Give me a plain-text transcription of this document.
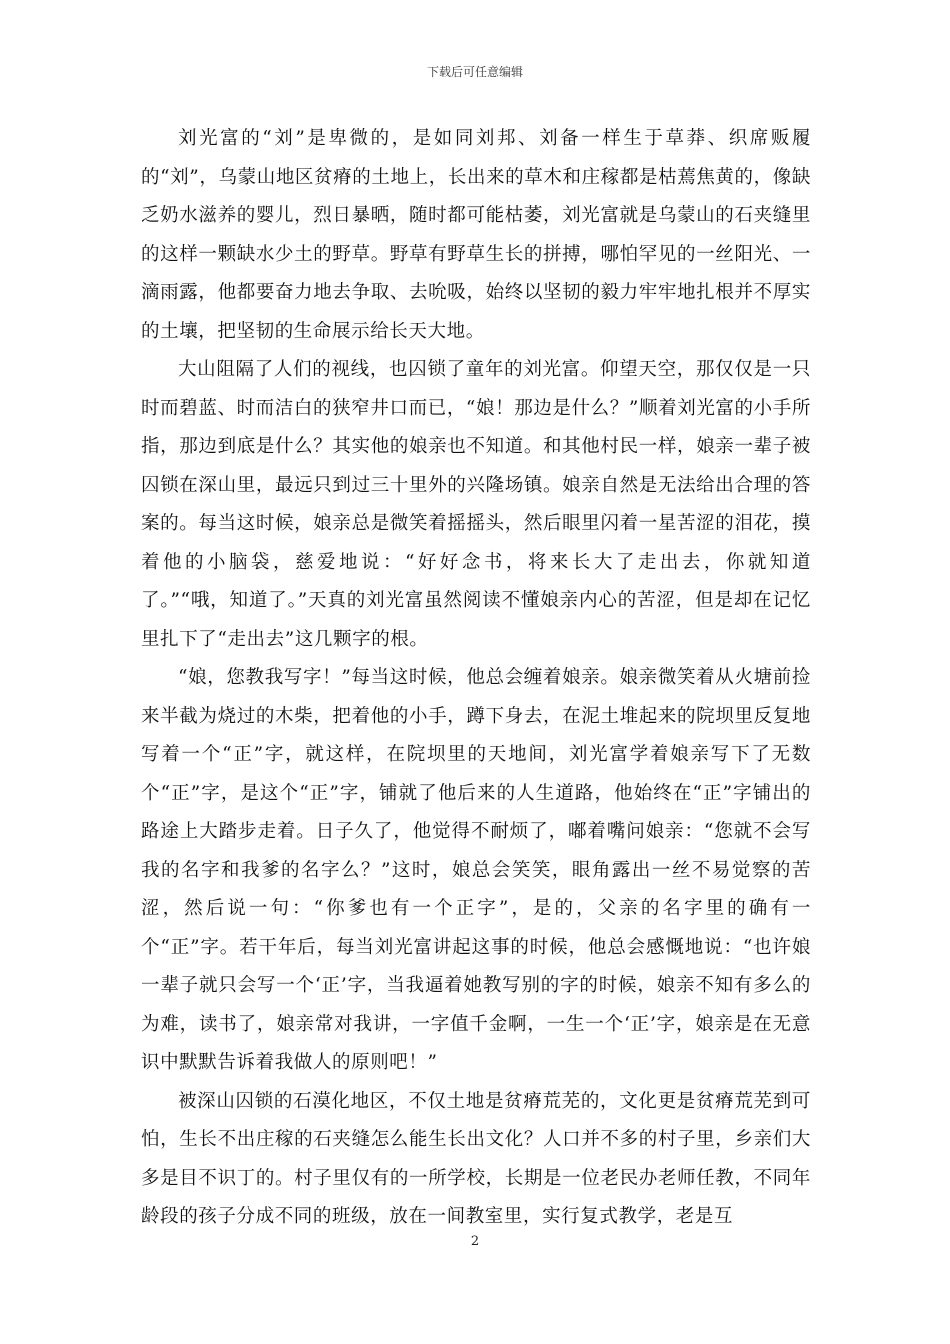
下载后可任意编辑

刘光富的“刘”是卑微的，是如同刘邦、刘备一样生于草莽、织席贩履的“刘”，乌蒙山地区贫瘠的土地上，长出来的草木和庄稼都是枯蔫焦黄的，像缺乏奶水滋养的婴儿，烈日暴晒，随时都可能枯萎，刘光富就是乌蒙山的石夹缝里的这样一颗缺水少土的野草。野草有野草生长的拼搏，哪怕罕见的一丝阳光、一滴雨露，他都要奋力地去争取、去吮吸，始终以坚韧的毅力牢牢地扎根并不厚实的土壤，把坚韧的生命展示给长天大地。

大山阻隔了人们的视线，也囚锁了童年的刘光富。仰望天空，那仅仅是一只时而碧蓝、时而洁白的狭窄井口而已，“娘！那边是什么？”顺着刘光富的小手所指，那边到底是什么？其实他的娘亲也不知道。和其他村民一样，娘亲一辈子被囚锁在深山里，最远只到过三十里外的兴隆场镇。娘亲自然是无法给出合理的答案的。每当这时候，娘亲总是微笑着摇摇头，然后眼里闪着一星苦涩的泪花，摸着他的小脑袋，慈爱地说：“好好念书，将来长大了走出去，你就知道了。”“哦，知道了。”天真的刘光富虽然阅读不懂娘亲内心的苦涩，但是却在记忆里扎下了“走出去”这几颗字的根。

“娘，您教我写字！”每当这时候，他总会缠着娘亲。娘亲微笑着从火塘前捡来半截为烧过的木柴，把着他的小手，蹲下身去，在泥土堆起来的院坝里反复地写着一个“正”字，就这样，在院坝里的天地间，刘光富学着娘亲写下了无数个“正”字，是这个“正”字，铺就了他后来的人生道路，他始终在“正”字铺出的路途上大踏步走着。日子久了，他觉得不耐烦了，嘟着嘴问娘亲：“您就不会写我的名字和我爹的名字么？”这时，娘总会笑笑，眼角露出一丝不易觉察的苦涩，然后说一句：“你爹也有一个正字”，是的，父亲的名字里的确有一个“正”字。若干年后，每当刘光富讲起这事的时候，他总会感慨地说：“也许娘一辈子就只会写一个‘正’字，当我逼着她教写别的字的时候，娘亲不知有多么的为难，读书了，娘亲常对我讲，一字值千金啊，一生一个‘正’字，娘亲是在无意识中默默告诉着我做人的原则吧！”

被深山囚锁的石漠化地区，不仅土地是贫瘠荒芜的，文化更是贫瘠荒芜到可怕，生长不出庄稼的石夹缝怎么能生长出文化？人口并不多的村子里，乡亲们大多是目不识丁的。村子里仅有的一所学校，长期是一位老民办老师任教，不同年龄段的孩子分成不同的班级，放在一间教室里，实行复式教学，老是互

2
